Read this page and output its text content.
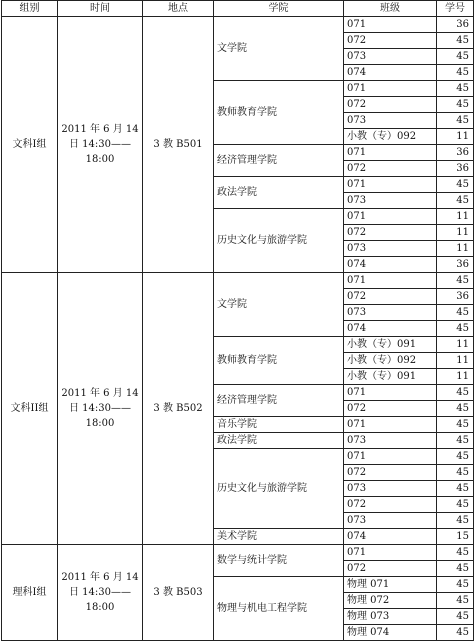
组别	时间	地点	学院	班级	学号
文科Ⅰ组	2011 年 6 月 14 日 14:30——18:00	3 教 B501	文学院	071	36
				072	45
				073	45
				074	45
			教师教育学院	071	45
				072	45
				073	45
				小教（专）092	11
			经济管理学院	071	36
				072	36
			政法学院	071	45
				073	45
			历史文化与旅游学院	071	11
				072	11
				073	11
				074	36
文科II组	2011 年 6 月 14 日 14:30——18:00	3 教 B502	文学院	071	45
				072	36
				073	45
				074	45
			教师教育学院	小教（专）091	11
				小教（专）092	11
				小教（专）091	11
			经济管理学院	071	45
				072	45
			音乐学院	071	45
			政法学院	073	45
			历史文化与旅游学院	071	45
				072	45
				073	45
				072	45
				073	45
			美术学院	074	15
理科Ⅰ组	2011 年 6 月 14 日 14:30——18:00	3 教 B503	数学与统计学院	071	45
				072	45
			物理与机电工程学院	物理 071	45
				物理 072	45
				物理 073	45
				物理 074	45
